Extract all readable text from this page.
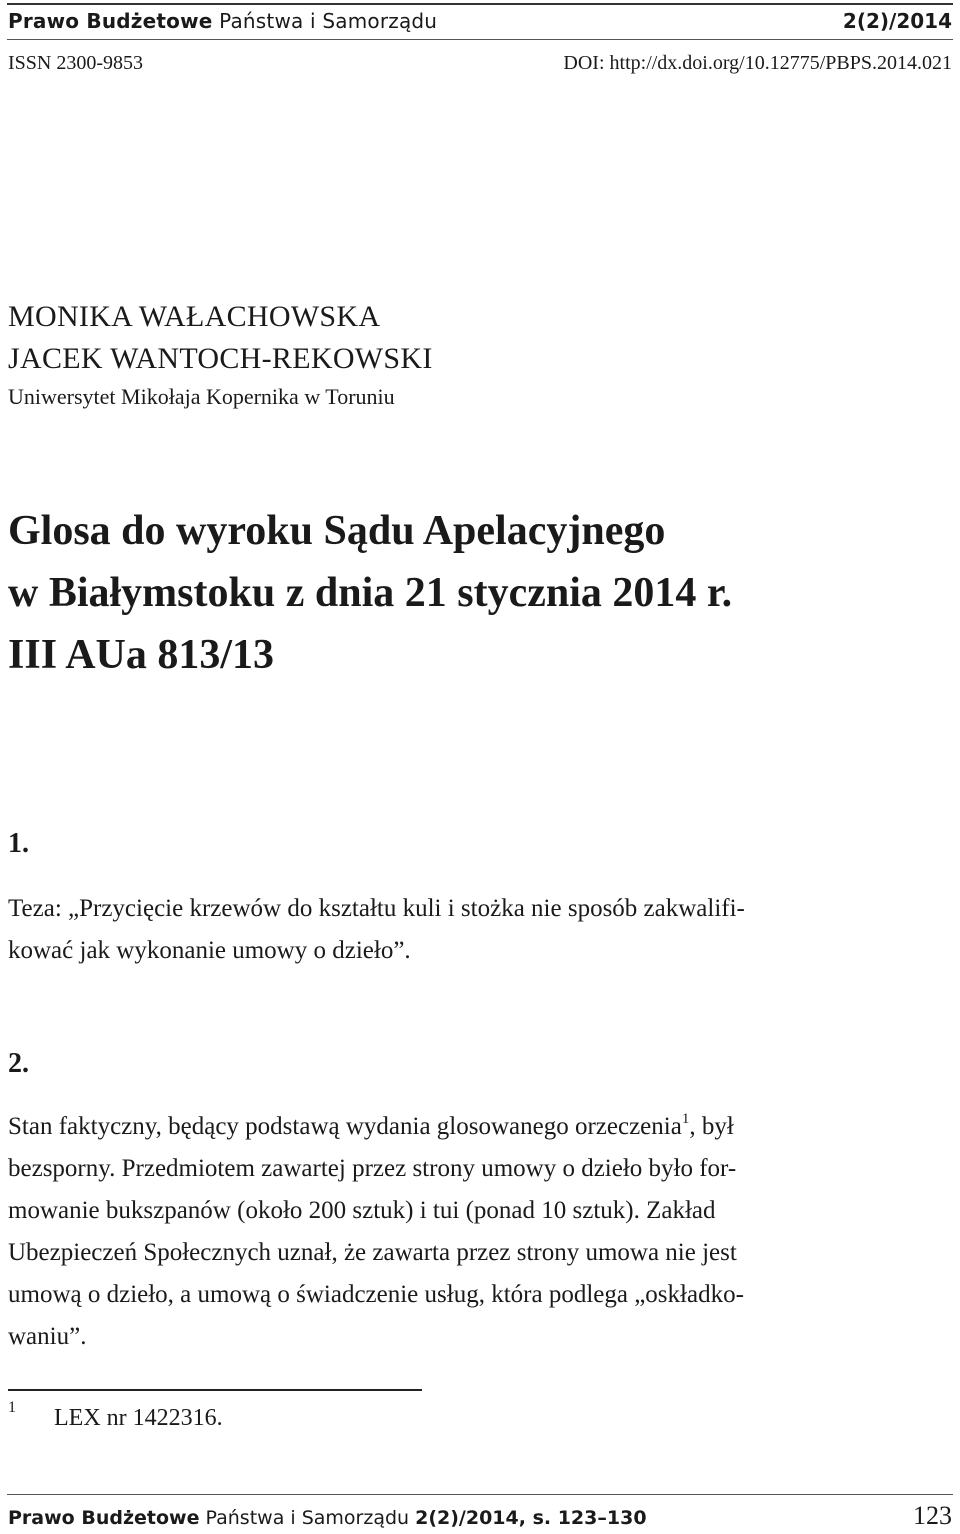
Prawo Budżetowe Państwa i Samorządu	2(2)/2014
ISSN 2300-9853	DOI: http://dx.doi.org/10.12775/PBPS.2014.021
MONIKA WAŁACHOWSKA
JACEK WANTOCH-REKOWSKI
Uniwersytet Mikołaja Kopernika w Toruniu
Glosa do wyroku Sądu Apelacyjnego
w Białymstoku z dnia 21 stycznia 2014 r.
III AUa 813/13
1.
Teza: „Przycięcie krzewów do kształtu kuli i stożka nie sposób zakwalifi-
kować jak wykonanie umowy o dzieło”.
2.
Stan faktyczny, będący podstawą wydania glosowanego orzeczenia$^1$, był
bezsporny. Przedmiotem zawartej przez strony umowy o dzieło było for-
mowanie bukszpanów (około 200 sztuk) i tui (ponad 10 sztuk). Zakład
Ubezpieczeń Społecznych uznał, że zawarta przez strony umowa nie jest
umową o dzieło, a umową o świadczenie usług, która podlega „oskładko-
waniu”.
1 LEX nr 1422316.
Prawo Budżetowe Państwa i Samorządu 2(2)/2014, s. 123–130	123
